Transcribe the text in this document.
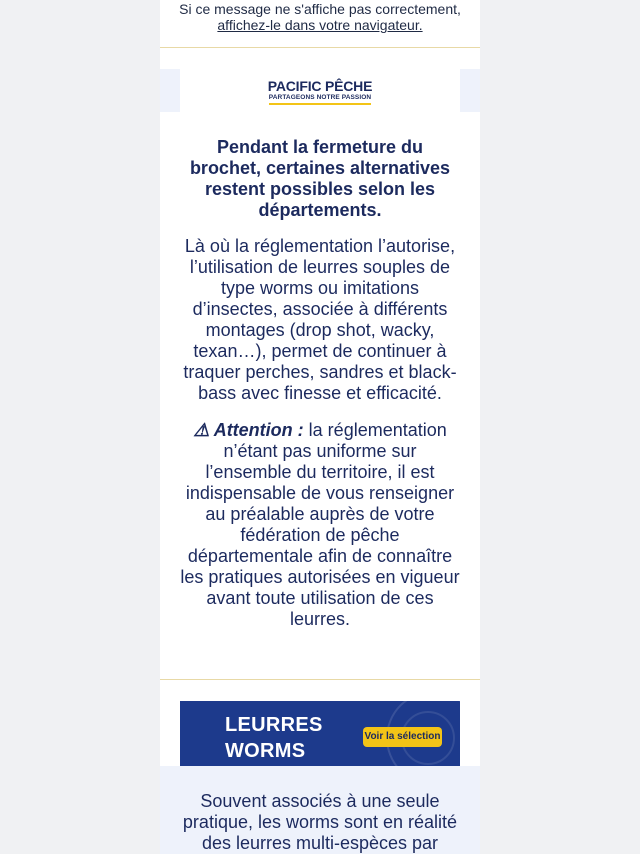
Si ce message ne s'affiche pas correctement, affichez-le dans votre navigateur.
PACIFIC PÊCHE
PARTAGEONS NOTRE PASSION

Pendant la fermeture du brochet, certaines alternatives restent possibles selon les départements.

Là où la réglementation l’autorise, l’utilisation de leurres souples de type worms ou imitations d’insectes, associée à différents montages (drop shot, wacky, texan…), permet de continuer à traquer perches, sandres et black-bass avec finesse et efficacité.

⚠ Attention : la réglementation n’étant pas uniforme sur l’ensemble du territoire, il est indispensable de vous renseigner au préalable auprès de votre fédération de pêche départementale afin de connaître les pratiques autorisées en vigueur avant toute utilisation de ces leurres.

LEURRES
WORMS
Voir la sélection

Souvent associés à une seule pratique, les worms sont en réalité des leurres multi-espèces par
